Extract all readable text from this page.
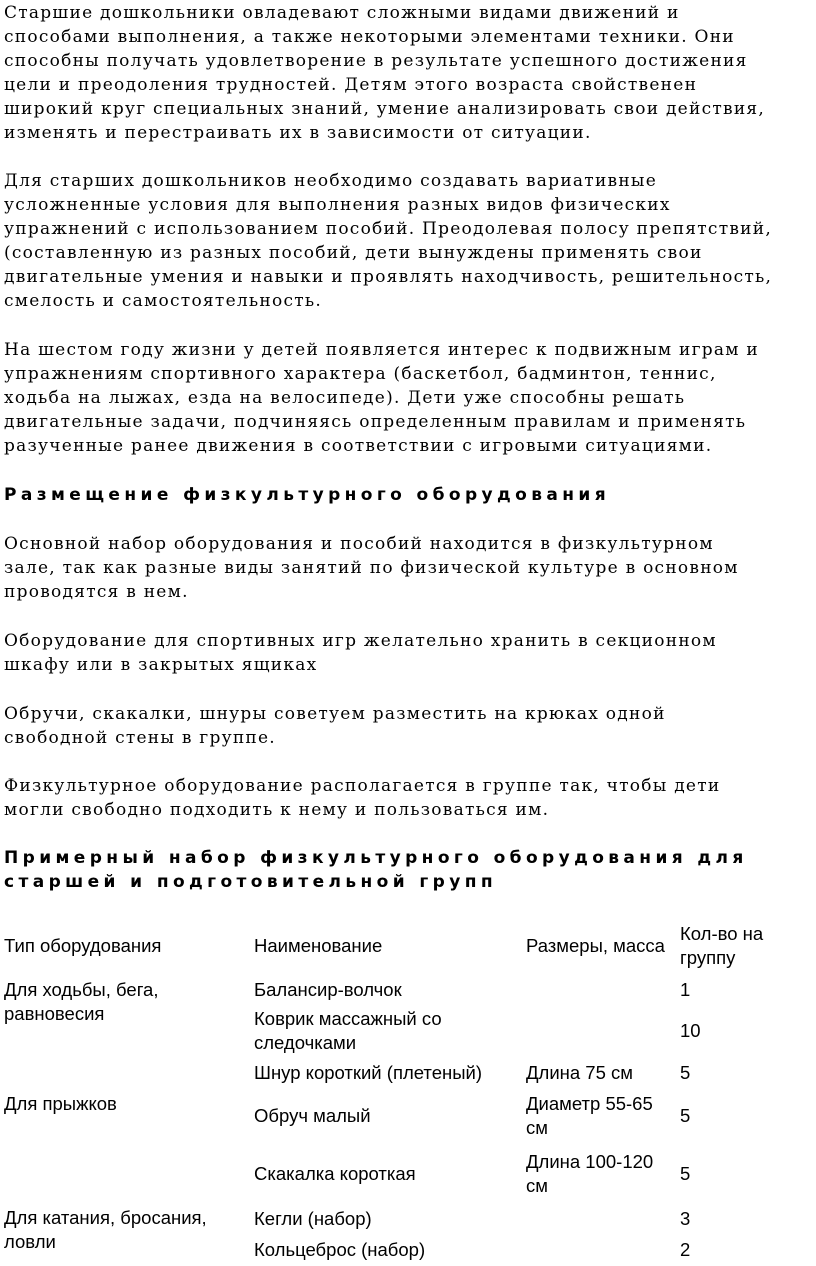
Старшие дошкольники овладевают сложными видами движений и
способами выполнения, а также некоторыми элементами техники. Они
способны получать удовлетворение в результате успешного достижения
цели и преодоления трудностей. Детям этого возраста свойственен
широкий круг специальных знаний, умение анализировать свои действия,
изменять и перестраивать их в зависимости от ситуации.

Для старших дошкольников необходимо создавать вариативные
усложненные условия для выполнения разных видов физических
упражнений с использованием пособий. Преодолевая полосу препятствий,
(составленную из разных пособий, дети вынуждены применять свои
двигательные умения и навыки и проявлять находчивость, решительность,
смелость и самостоятельность.

На шестом году жизни у детей появляется интерес к подвижным играм и
упражнениям спортивного характера (баскетбол, бадминтон, теннис,
ходьба на лыжах, езда на велосипеде). Дети уже способны решать
двигательные задачи, подчиняясь определенным правилам и применять
разученные ранее движения в соответствии с игровыми ситуациями.

Размещение физкультурного оборудования

Основной набор оборудования и пособий находится в физкультурном
зале, так как разные виды занятий по физической культуре в основном
проводятся в нем.

Оборудование для спортивных игр желательно хранить в секционном
шкафу или в закрытых ящиках

Обручи, скакалки, шнуры советуем разместить на крюках одной
свободной стены в группе.

Физкультурное оборудование располагается в группе так, чтобы дети
могли свободно подходить к нему и пользоваться им.

Примерный набор физкультурного оборудования для
старшей и подготовительной групп
Тип оборудования	Наименование	Размеры, масса	Кол-во на группу
Для ходьбы, бега, равновесия	Балансир-волчок		1
	Коврик массажный со следочками		10
Для прыжков	Шнур короткий (плетеный)	Длина 75 см	5
	Обруч малый	Диаметр 55-65 см	5
	Скакалка короткая	Длина 100-120 см	5
Для катания, бросания, ловли	Кегли (набор)		3
	Кольцеброс (набор)		2
